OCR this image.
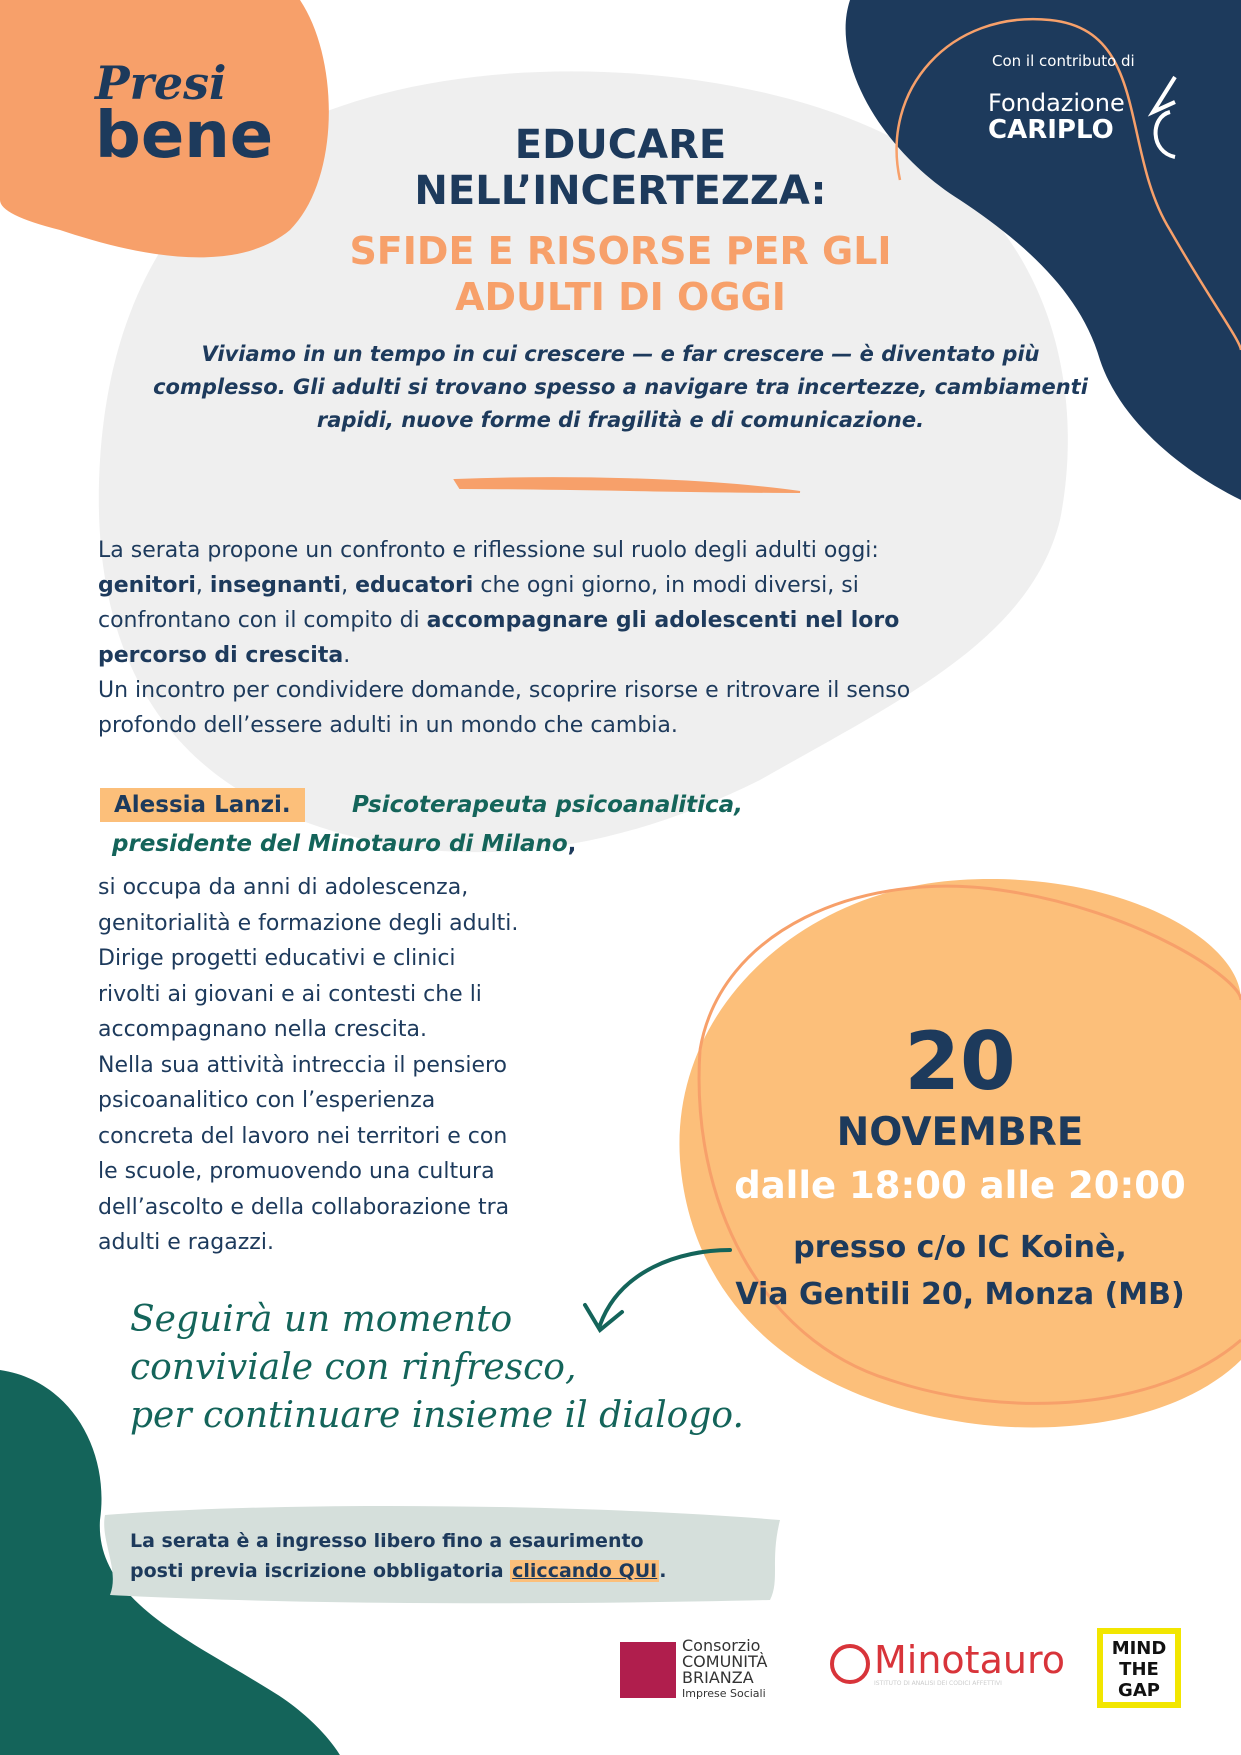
Presi
bene
Con il contributo di
Fondazione
CARIPLO
EDUCARE
NELL’INCERTEZZA:
SFIDE E RISORSE PER GLI
ADULTI DI OGGI
Viviamo in un tempo in cui crescere — e far crescere — è diventato più
complesso. Gli adulti si trovano spesso a navigare tra incertezze, cambiamenti
rapidi, nuove forme di fragilità e di comunicazione.
La serata propone un confronto e riflessione sul ruolo degli adulti oggi:
genitori, insegnanti, educatori che ogni giorno, in modi diversi, si
confrontano con il compito di accompagnare gli adolescenti nel loro
percorso di crescita.
Un incontro per condividere domande, scoprire risorse e ritrovare il senso
profondo dell’essere adulti in un mondo che cambia.
Alessia Lanzi.	Psicoterapeuta psicoanalitica,
presidente del Minotauro di Milano,
si occupa da anni di adolescenza,
genitorialità e formazione degli adulti.
Dirige progetti educativi e clinici
rivolti ai giovani e ai contesti che li
accompagnano nella crescita.
Nella sua attività intreccia il pensiero
psicoanalitico con l’esperienza
concreta del lavoro nei territori e con
le scuole, promuovendo una cultura
dell’ascolto e della collaborazione tra
adulti e ragazzi.
20
NOVEMBRE
dalle 18:00 alle 20:00
presso c/o IC Koinè,
Via Gentili 20, Monza (MB)
Seguirà un momento
conviviale con rinfresco,
per continuare insieme il dialogo.
La serata è a ingresso libero fino a esaurimento
posti previa iscrizione obbligatoria cliccando QUI .
Consorzio
COMUNITÀ
BRIANZA
Imprese Sociali
Minotauro
ISTITUTO DI ANALISI DEI CODICI AFFETTIVI
MIND
THE
GAP
